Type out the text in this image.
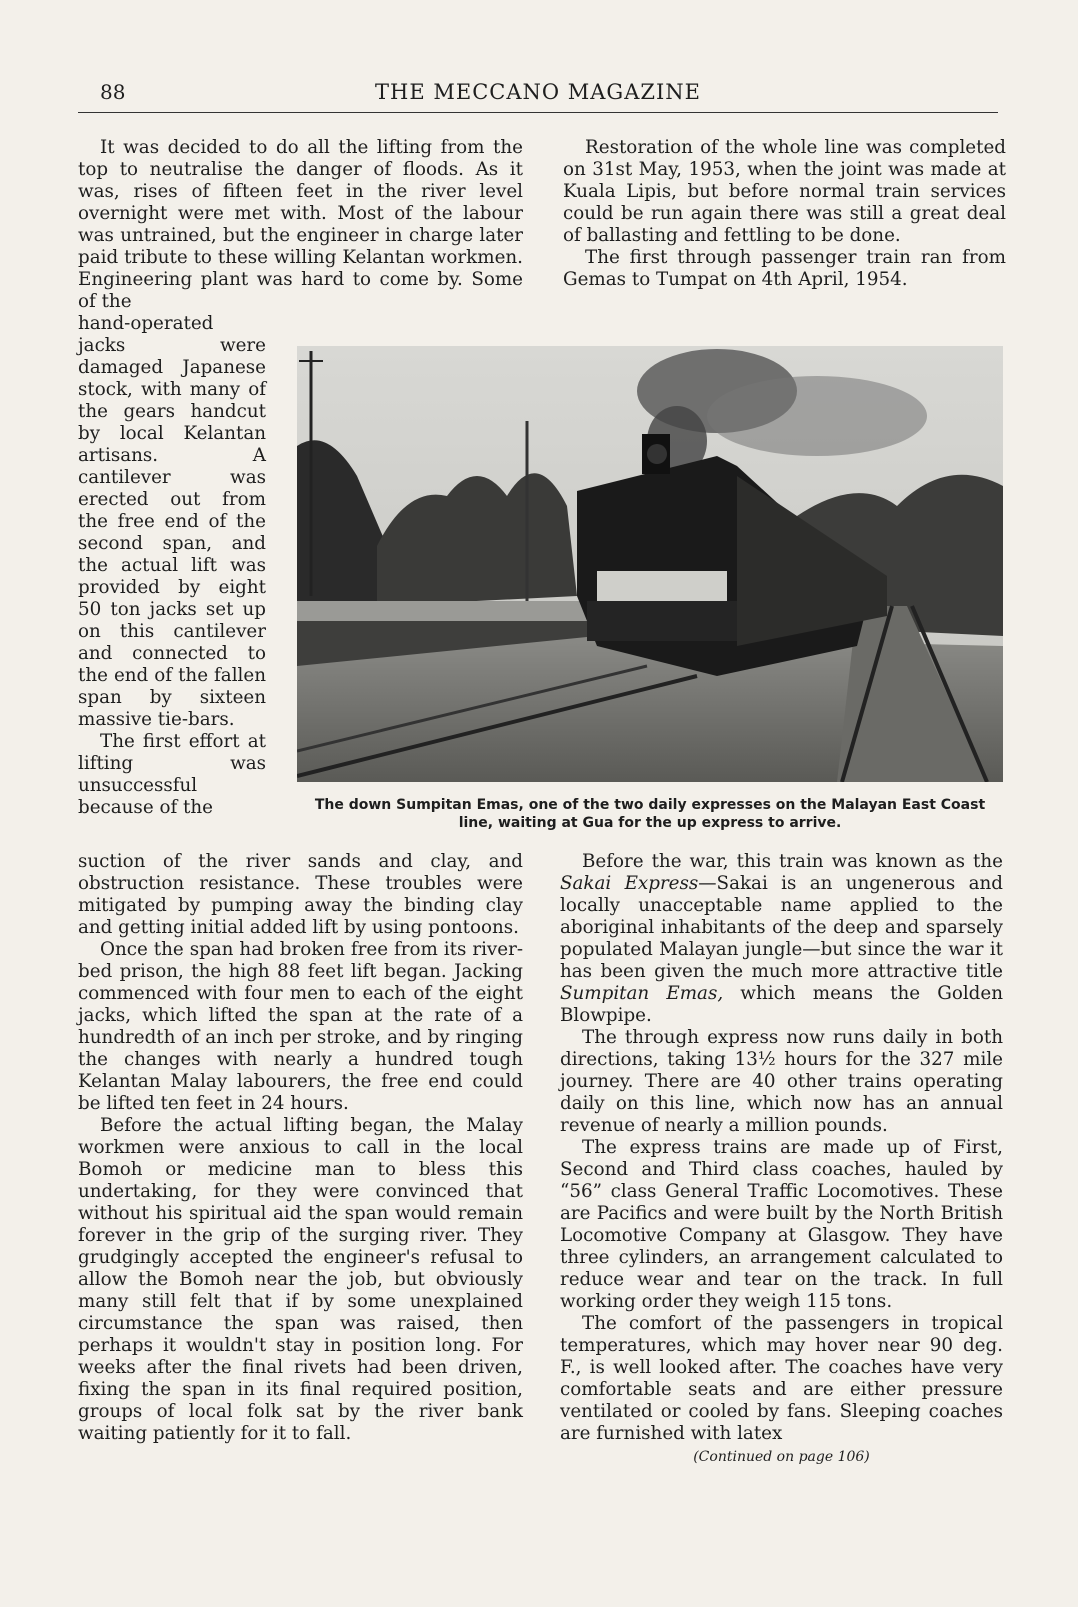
88	THE MECCANO MAGAZINE

It was decided to do all the lifting from the top to neutralise the danger of floods. As it was, rises of fifteen feet in the river level overnight were met with. Most of the labour was untrained, but the engineer in charge later paid tribute to these willing Kelantan workmen. Engineering plant was hard to come by. Some of the

hand-operated jacks were damaged Japanese stock, with many of the gears handcut by local Kelantan artisans. A cantilever was erected out from the free end of the second span, and the actual lift was provided by eight 50 ton jacks set up on this cantilever and connected to the end of the fallen span by sixteen massive tie-bars.

The first effort at lifting was unsuccessful because of the

Restoration of the whole line was completed on 31st May, 1953, when the joint was made at Kuala Lipis, but before normal train services could be run again there was still a great deal of ballasting and fettling to be done.

The first through passenger train ran from Gemas to Tumpat on 4th April, 1954.

The down Sumpitan Emas, one of the two daily expresses on the Malayan East Coast line, waiting at Gua for the up express to arrive.

suction of the river sands and clay, and obstruction resistance. These troubles were mitigated by pumping away the binding clay and getting initial added lift by using pontoons.

Once the span had broken free from its river-bed prison, the high 88 feet lift began. Jacking commenced with four men to each of the eight jacks, which lifted the span at the rate of a hundredth of an inch per stroke, and by ringing the changes with nearly a hundred tough Kelantan Malay labourers, the free end could be lifted ten feet in 24 hours.

Before the actual lifting began, the Malay workmen were anxious to call in the local Bomoh or medicine man to bless this undertaking, for they were convinced that without his spiritual aid the span would remain forever in the grip of the surging river. They grudgingly accepted the engineer's refusal to allow the Bomoh near the job, but obviously many still felt that if by some unexplained circumstance the span was raised, then perhaps it wouldn't stay in position long. For weeks after the final rivets had been driven, fixing the span in its final required position, groups of local folk sat by the river bank waiting patiently for it to fall.

Before the war, this train was known as the Sakai Express—Sakai is an ungenerous and locally unacceptable name applied to the aboriginal inhabitants of the deep and sparsely populated Malayan jungle—but since the war it has been given the much more attractive title Sumpitan Emas, which means the Golden Blowpipe.

The through express now runs daily in both directions, taking 13½ hours for the 327 mile journey. There are 40 other trains operating daily on this line, which now has an annual revenue of nearly a million pounds.

The express trains are made up of First, Second and Third class coaches, hauled by “56” class General Traffic Locomotives. These are Pacifics and were built by the North British Locomotive Company at Glasgow. They have three cylinders, an arrangement calculated to reduce wear and tear on the track. In full working order they weigh 115 tons.

The comfort of the passengers in tropical temperatures, which may hover near 90 deg. F., is well looked after. The coaches have very comfortable seats and are either pressure ventilated or cooled by fans. Sleeping coaches are furnished with latex

(Continued on page 106)
